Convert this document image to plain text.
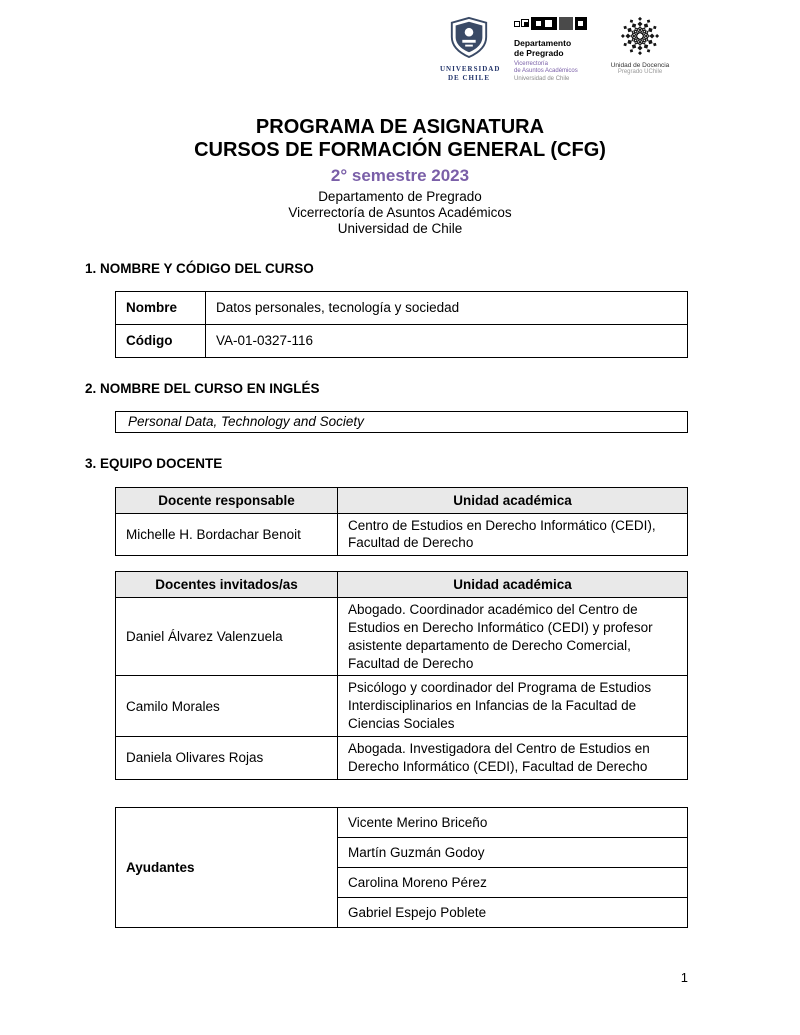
UNIVERSIDAD
DE CHILE
Departamento
de Pregrado
Vicerrectoría
de Asuntos Académicos
Universidad de Chile
Unidad de Docencia
Pregrado UChile
PROGRAMA DE ASIGNATURA
CURSOS DE FORMACIÓN GENERAL (CFG)
2° semestre 2023
Departamento de Pregrado
Vicerrectoría de Asuntos Académicos
Universidad de Chile
1. NOMBRE Y CÓDIGO DEL CURSO
Nombre	Datos personales, tecnología y sociedad
Código	VA-01-0327-116
2. NOMBRE DEL CURSO EN INGLÉS
Personal Data, Technology and Society
3. EQUIPO DOCENTE
Docente responsable	Unidad académica
Michelle H. Bordachar Benoit	Centro de Estudios en Derecho Informático (CEDI), Facultad de Derecho
Docentes invitados/as	Unidad académica
Daniel Álvarez Valenzuela	Abogado. Coordinador académico del Centro de Estudios en Derecho Informático (CEDI) y profesor asistente departamento de Derecho Comercial, Facultad de Derecho
Camilo Morales	Psicólogo y coordinador del Programa de Estudios Interdisciplinarios en Infancias de la Facultad de Ciencias Sociales
Daniela Olivares Rojas	Abogada. Investigadora del Centro de Estudios en Derecho Informático (CEDI), Facultad de Derecho
Ayudantes	Vicente Merino Briceño
Martín Guzmán Godoy
Carolina Moreno Pérez
Gabriel Espejo Poblete
1
